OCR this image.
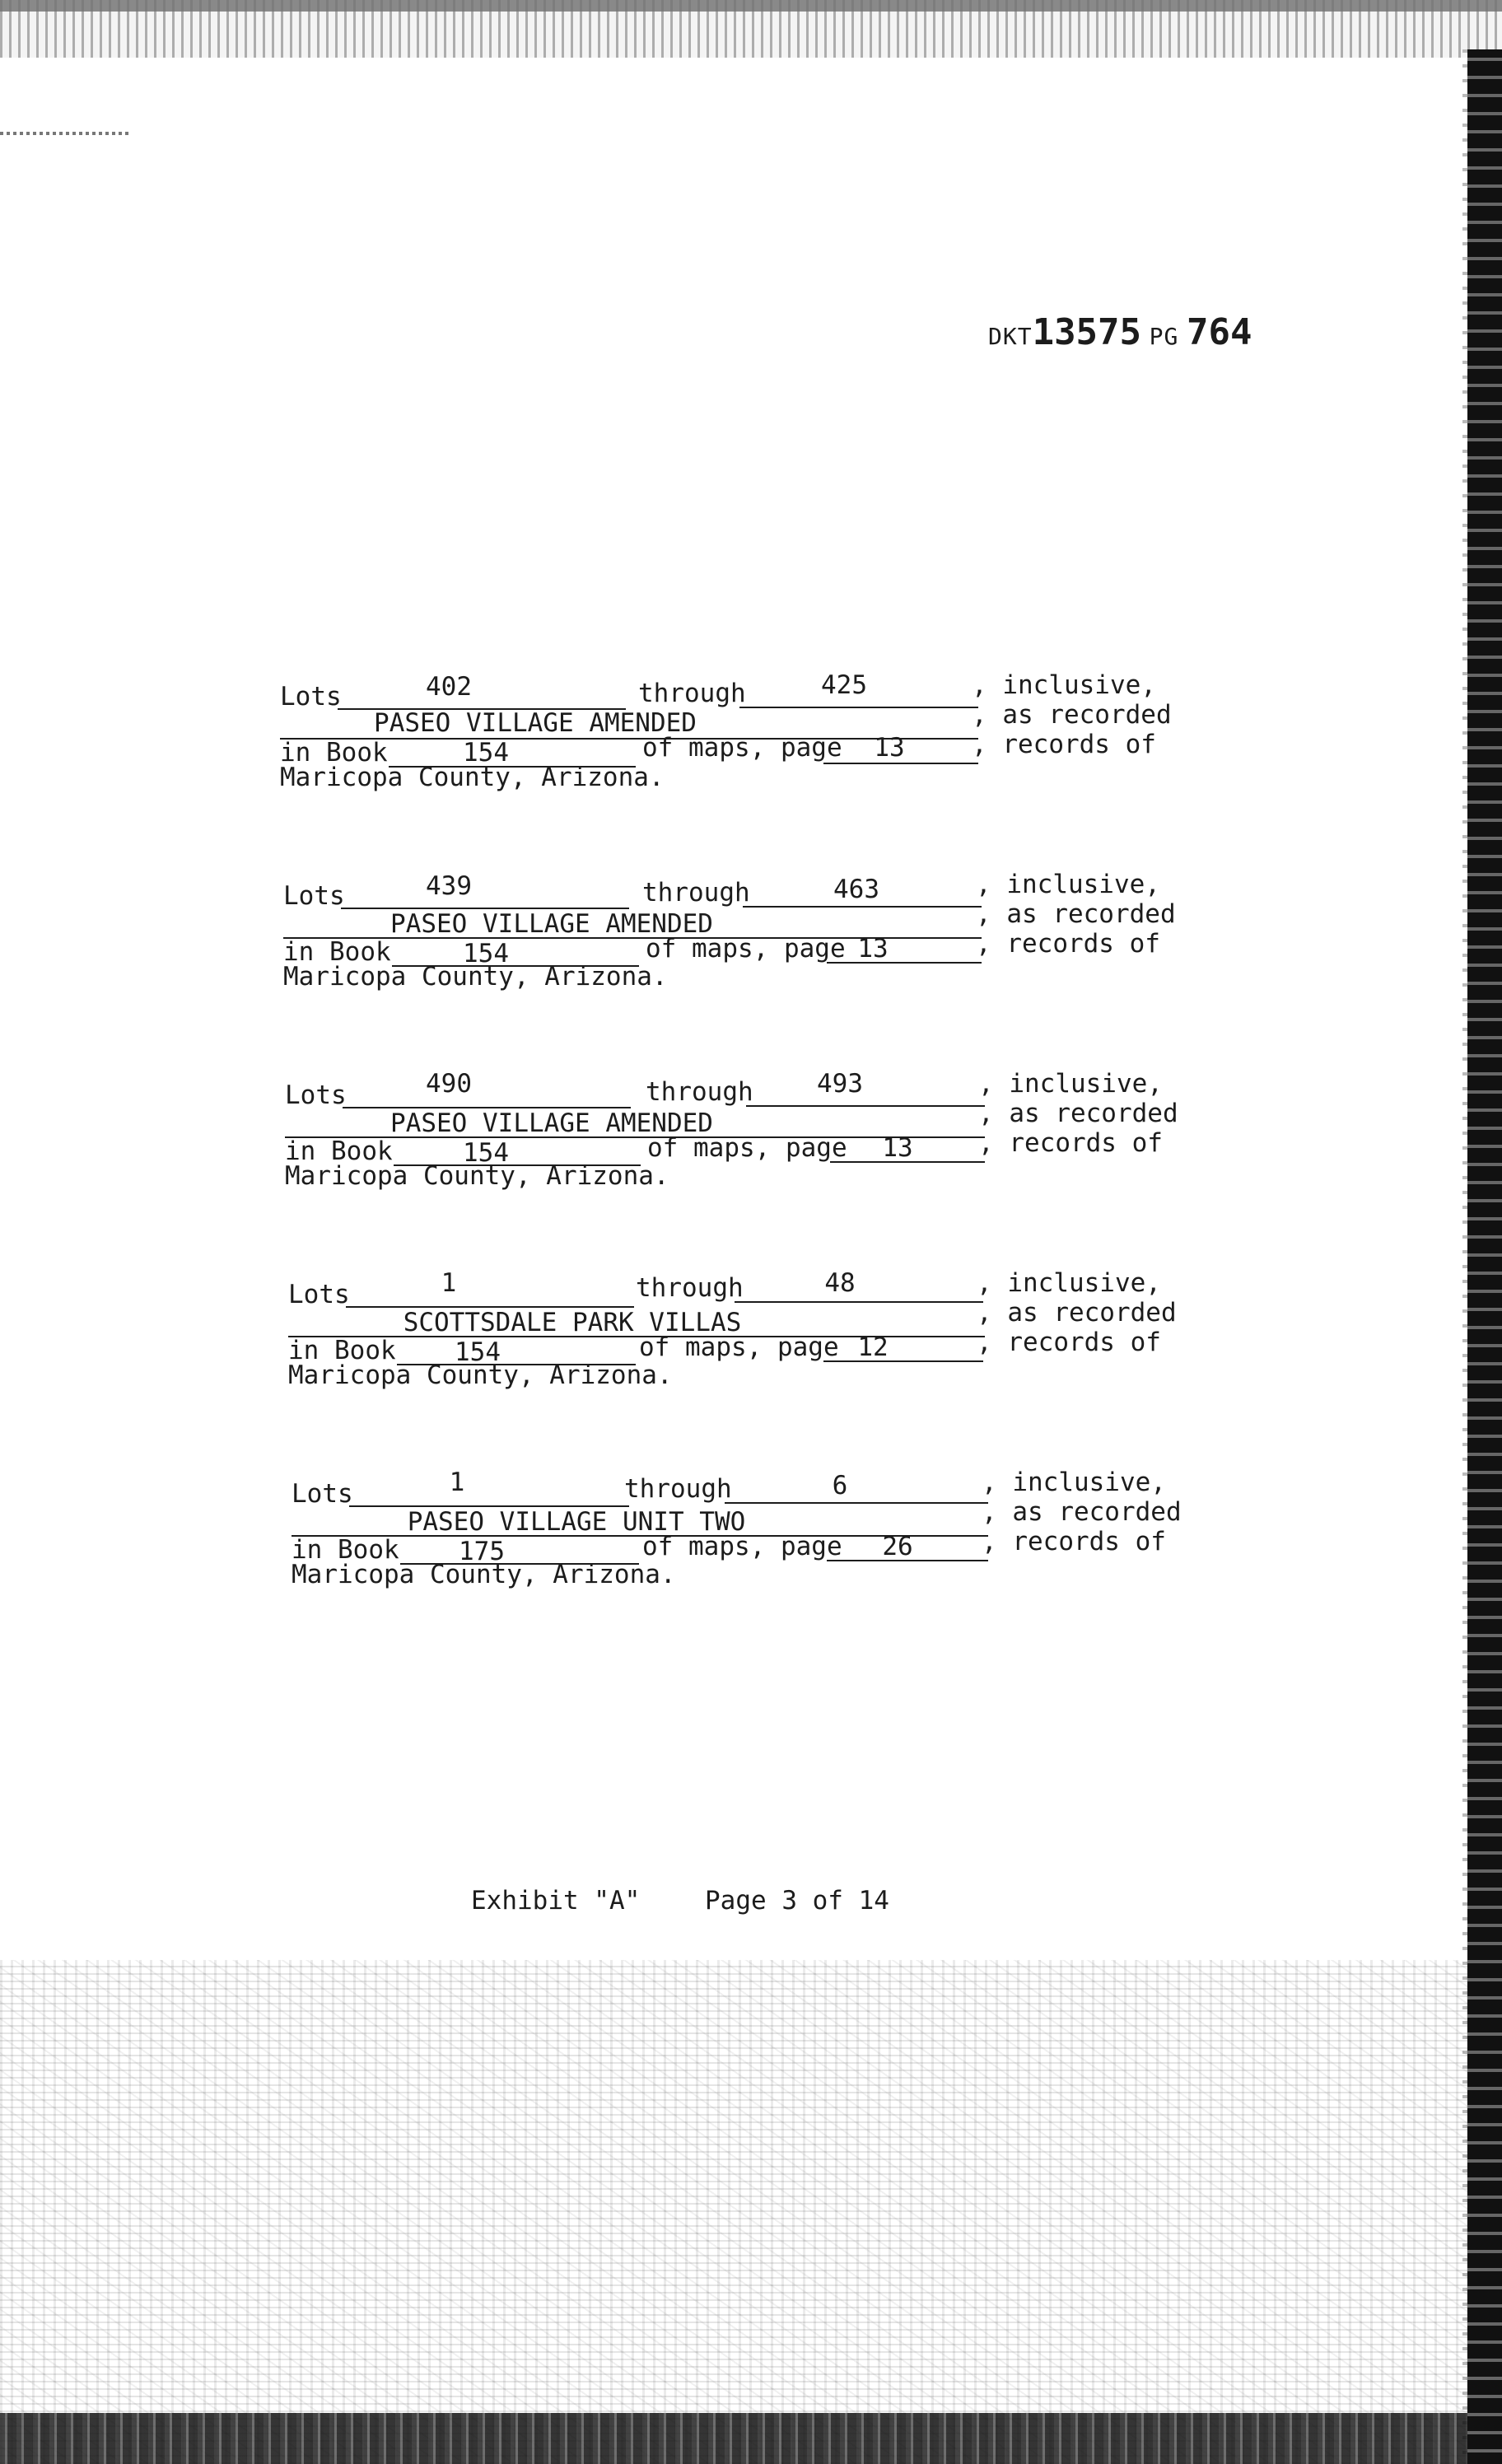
DKT13575 PG 764
Lots	402	through	425	, inclusive,
PASEO VILLAGE AMENDED	, as recorded
in Book	154	of maps, page	13	, records of
Maricopa County, Arizona.
Lots	439	through	463	, inclusive,
PASEO VILLAGE AMENDED	, as recorded
in Book	154	of maps, page 13	, records of
Maricopa County, Arizona.
Lots	490	through	493	, inclusive,
PASEO VILLAGE AMENDED	, as recorded
in Book	154	of maps, page	13	, records of
Maricopa County, Arizona.
Lots	1	through	48	, inclusive,
SCOTTSDALE PARK VILLAS	, as recorded
in Book	154	of maps, page 12	, records of
Maricopa County, Arizona.
Lots	1	through	6	, inclusive,
PASEO VILLAGE UNIT TWO	, as recorded
in Book	175	of maps, page	26	, records of
Maricopa County, Arizona.
Exhibit "A"	Page 3 of 14
